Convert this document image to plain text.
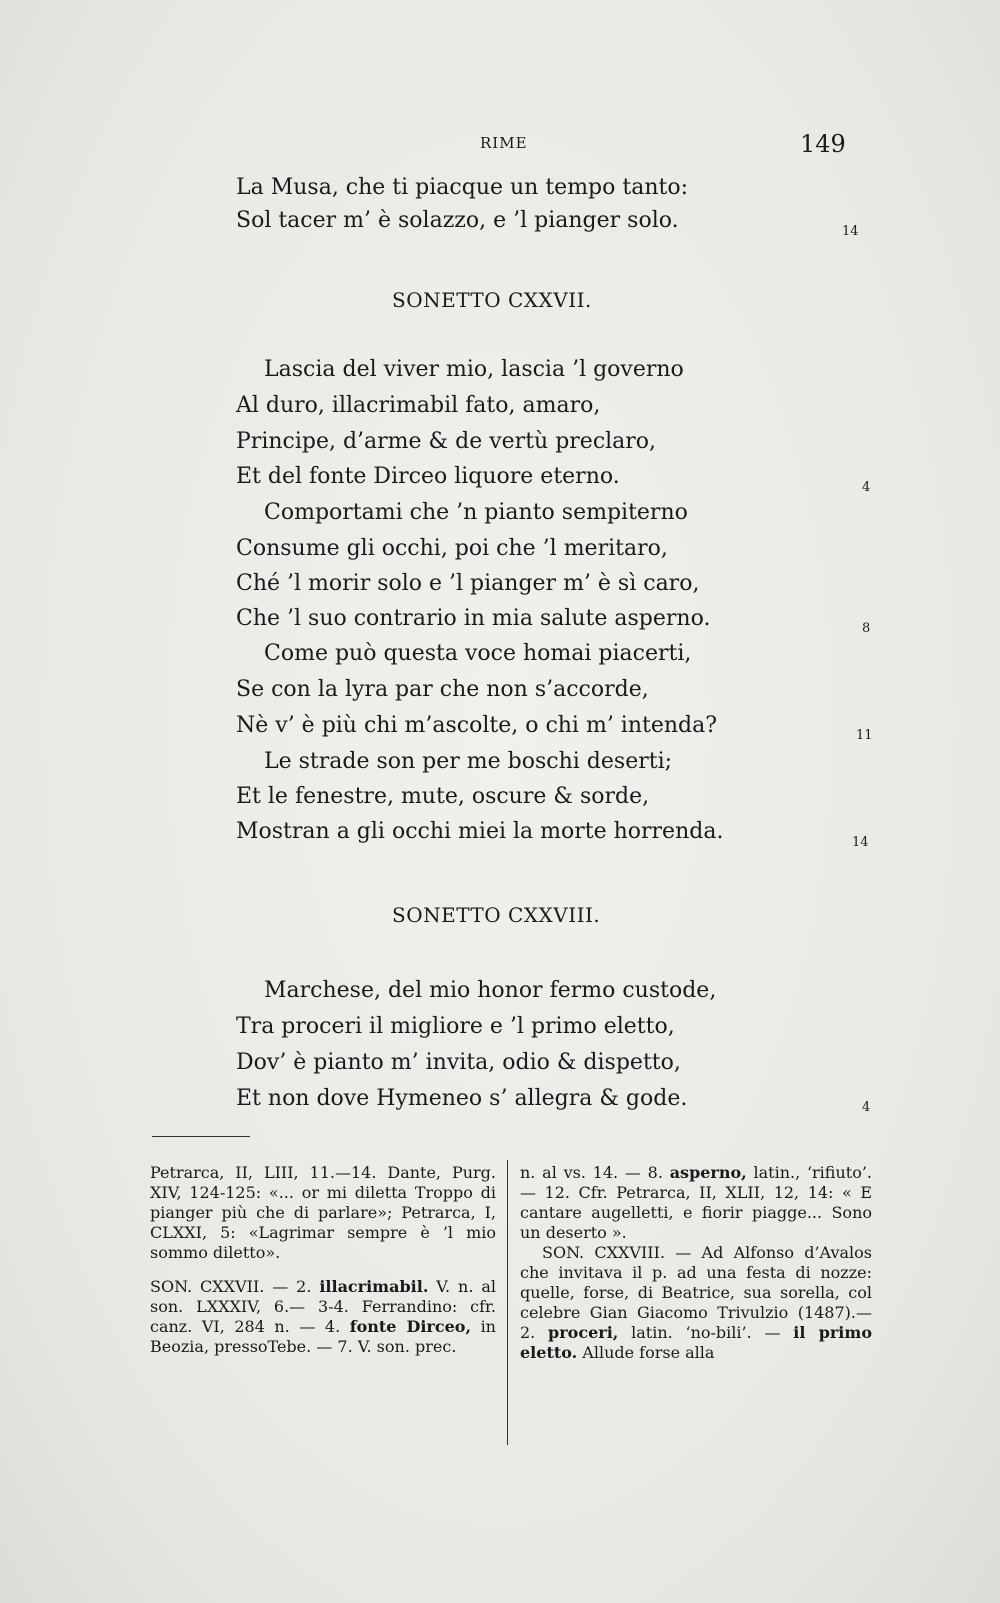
RIME	149
La Musa, che ti piacque un tempo tanto:
Sol tacer m’ è solazzo, e ’l pianger solo.	14
SONETTO CXXVII.
Lascia del viver mio, lascia ’l governo
Al duro, illacrimabil fato, amaro,
Principe, d’arme & de vertù preclaro,
Et del fonte Dirceo liquore eterno.	4
Comportami che ’n pianto sempiterno
Consume gli occhi, poi che ’l meritaro,
Ché ’l morir solo e ’l pianger m’ è sì caro,
Che ’l suo contrario in mia salute asperno.	8
Come può questa voce homai piacerti,
Se con la lyra par che non s’accorde,
Nè v’ è più chi m’ascolte, o chi m’ intenda?	11
Le strade son per me boschi deserti;
Et le fenestre, mute, oscure & sorde,
Mostran a gli occhi miei la morte horrenda.	14
SONETTO CXXVIII.
Marchese, del mio honor fermo custode,
Tra proceri il migliore e ’l primo eletto,
Dov’ è pianto m’ invita, odio & dispetto,
Et non dove Hymeneo s’ allegra & gode.	4

Petrarca, II, LIII, 11.—14. Dante, Purg. XIV, 124-125: «... or mi diletta Troppo di pianger più che di parlare»; Petrarca, I, CLXXI, 5: «Lagrimar sempre è ’l mio sommo diletto».

SON. CXXVII. — 2. illacrimabil. V. n. al son. LXXXIV, 6.— 3-4. Ferrandino: cfr. canz. VI, 284 n. — 4. fonte Dirceo, in Beozia, pressoTebe. — 7. V. son. prec.

n. al vs. 14. — 8. asperno, latin., ‘rifiuto’. — 12. Cfr. Petrarca, II, XLII, 12, 14: « E cantare augelletti, e fiorir piagge... Sono un deserto ».

SON. CXXVIII. — Ad Alfonso d’Avalos che invitava il p. ad una festa di nozze: quelle, forse, di Beatrice, sua sorella, col celebre Gian Giacomo Trivulzio (1487).— 2. proceri, latin. ‘no-bili’. — il primo eletto. Allude forse alla
